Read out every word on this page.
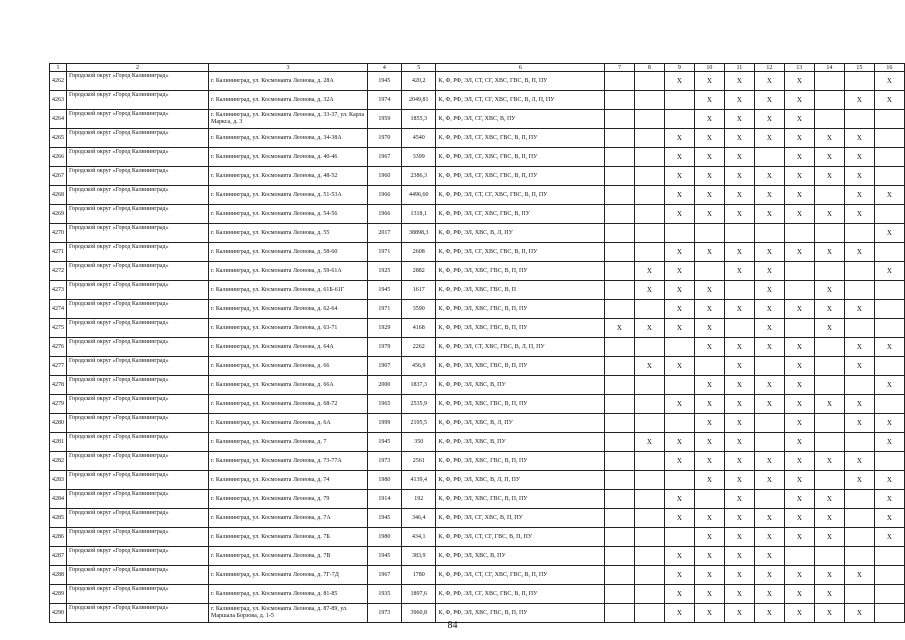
1	2	3	4	5	6	7	8	9	10	11	12	13	14	15	16
4262	Городской округ «Город Калининград»	г. Калининград, ул. Космонавта Леонова, д. 28А	1945	420,2	К, Ф, РФ, ЭЛ, СТ, СГ, ХВС, ГВС, В, П, ПУ			X	X	X	X	X			X
4263	Городской округ «Город Калининград»	г. Калининград, ул. Космонавта Леонова, д. 32А	1974	2049,81	К, Ф, РФ, ЭЛ, СТ, СГ, ХВС, ГВС, В, Л, П, ПУ				X	X	X	X		X	X
4264	Городской округ «Город Калининград»	г. Калининград, ул. Космонавта Леонова, д. 33-37, ул. Карла Маркса, д. 3	1959	1855,3	К, Ф, РФ, ЭЛ, СГ, ХВС, В, ПУ				X	X	X	X			
4265	Городской округ «Город Калининград»	г. Калининград, ул. Космонавта Леонова, д. 34-38А	1970	4540	К, Ф, РФ, ЭЛ, СГ, ХВС, ГВС, В, П, ПУ			X	X	X	X	X	X	X	
4266	Городской округ «Город Калининград»	г. Калининград, ул. Космонавта Леонова, д. 40-46	1967	3399	К, Ф, РФ, ЭЛ, СГ, ХВС, ГВС, В, П, ПУ			X	X	X		X	X	X	
4267	Городской округ «Город Калининград»	г. Калининград, ул. Космонавта Леонова, д. 48-52	1960	2386,3	К, Ф, РФ, ЭЛ, СГ, ХВС, ГВС, В, П, ПУ			X	X	X	X	X	X	X	
4268	Городской округ «Город Калининград»	г. Калининград, ул. Космонавта Леонова, д. 51-53А	1966	4496,60	К, Ф, РФ, ЭЛ, СТ, СГ, ХВС, ГВС, В, П, ПУ			X	X	X	X	X		X	X
4269	Городской округ «Город Калининград»	г. Калининград, ул. Космонавта Леонова, д. 54-56	1966	1318,1	К, Ф, РФ, ЭЛ, СГ, ХВС, ГВС, В, ПУ			X	X	X	X	X	X	X	
4270	Городской округ «Город Калининград»	г. Калининград, ул. Космонавта Леонова, д. 55	2017	38898,3	К, Ф, РФ, ЭЛ, ХВС, В, Л, ПУ										X
4271	Городской округ «Город Калининград»	г. Калининград, ул. Космонавта Леонова, д. 58-60	1971	2608	К, Ф, РФ, ЭЛ, СГ, ХВС, ГВС, В, П, ПУ			X	X	X	X	X	X	X	
4272	Городской округ «Город Калининград»	г. Калининград, ул. Космонавта Леонова, д. 59-61А	1925	2882	К, Ф, РФ, ЭЛ, ХВС, ГВС, В, П, ПУ		X	X		X	X				X
4273	Городской округ «Город Калининград»	г. Калининград, ул. Космонавта Леонова, д. 61Б-61Г	1945	1617	К, Ф, РФ, ЭЛ, ХВС, ГВС, В, П		X	X	X		X		X		
4274	Городской округ «Город Калининград»	г. Калининград, ул. Космонавта Леонова, д. 62-64	1971	3590	К, Ф, РФ, ЭЛ, ХВС, ГВС, В, П, ПУ			X	X	X	X	X	X	X	
4275	Городской округ «Город Калининград»	г. Калининград, ул. Космонавта Леонова, д. 63-71	1929	4168	К, Ф, РФ, ЭЛ, ХВС, ГВС, В, П, ПУ	X	X	X	X		X		X		
4276	Городской округ «Город Калининград»	г. Калининград, ул. Космонавта Леонова, д. 64А	1979	2262	К, Ф, РФ, ЭЛ, СТ, ХВС, ГВС, В, Л, П, ПУ				X	X	X	X		X	X
4277	Городской округ «Город Калининград»	г. Калининград, ул. Космонавта Леонова, д. 66	1907	456,9	К, Ф, РФ, ЭЛ, ХВС, ГВС, В, П, ПУ		X	X		X		X		X	
4278	Городской округ «Город Калининград»	г. Калининград, ул. Космонавта Леонова, д. 66А	2000	1837,3	К, Ф, РФ, ЭЛ, ХВС, В, ПУ				X	X	X	X			X
4279	Городской округ «Город Калининград»	г. Калининград, ул. Космонавта Леонова, д. 68-72	1965	2535,9	К, Ф, РФ, ЭЛ, ХВС, ГВС, В, П, ПУ			X	X	X	X	X	X	X	
4280	Городской округ «Город Калининград»	г. Калининград, ул. Космонавта Леонова, д. 6А	1999	2195,5	К, Ф, РФ, ЭЛ, ХВС, В, Л, ПУ				X	X		X		X	X
4281	Городской округ «Город Калининград»	г. Калининград, ул. Космонавта Леонова, д. 7	1945	350	К, Ф, РФ, ЭЛ, ХВС, В, ПУ		X	X	X	X		X			X
4282	Городской округ «Город Калининград»	г. Калининград, ул. Космонавта Леонова, д. 73-77А	1973	2561	К, Ф, РФ, ЭЛ, ХВС, ГВС, В, П, ПУ			X	X	X	X	X	X	X	
4283	Городской округ «Город Калининград»	г. Калининград, ул. Космонавта Леонова, д. 74	1980	4139,4	К, Ф, РФ, ЭЛ, ХВС, В, Л, П, ПУ				X	X	X	X		X	X
4284	Городской округ «Город Калининград»	г. Калининград, ул. Космонавта Леонова, д. 79	1914	192	К, Ф, РФ, ЭЛ, ХВС, ГВС, В, П, ПУ			X		X		X	X		X
4285	Городской округ «Город Калининград»	г. Калининград, ул. Космонавта Леонова, д. 7А	1945	346,4	К, Ф, РФ, ЭЛ, СГ, ХВС, В, П, ПУ			X	X	X	X	X	X		X
4286	Городской округ «Город Калининград»	г. Калининград, ул. Космонавта Леонова, д. 7Б	1980	434,1	К, Ф, РФ, ЭЛ, СТ, СГ, ГВС, В, П, ПУ				X	X	X	X	X		X
4287	Городской округ «Город Калининград»	г. Калининград, ул. Космонавта Леонова, д. 7В	1945	383,9	К, Ф, РФ, ЭЛ, ХВС, В, ПУ			X	X	X	X				
4288	Городской округ «Город Калининград»	г. Калининград, ул. Космонавта Леонова, д. 7Г-7Д	1967	1780	К, Ф, РФ, ЭЛ, СТ, СГ, ХВС, ГВС, В, П, ПУ			X	X	X	X	X	X	X	
4289	Городской округ «Город Калининград»	г. Калининград, ул. Космонавта Леонова, д. 81-85	1935	1897,6	К, Ф, РФ, ЭЛ, СГ, ХВС, ГВС, В, П, ПУ			X	X	X	X	X	X		
4290	Городской округ «Город Калининград»	г. Калининград, ул. Космонавта Леонова, д. 87-89, ул. Маршала Борзова, д. 1-5	1973	3960,8	К, Ф, РФ, ЭЛ, ХВС, ГВС, В, П, ПУ			X	X	X	X	X	X	X	
84
